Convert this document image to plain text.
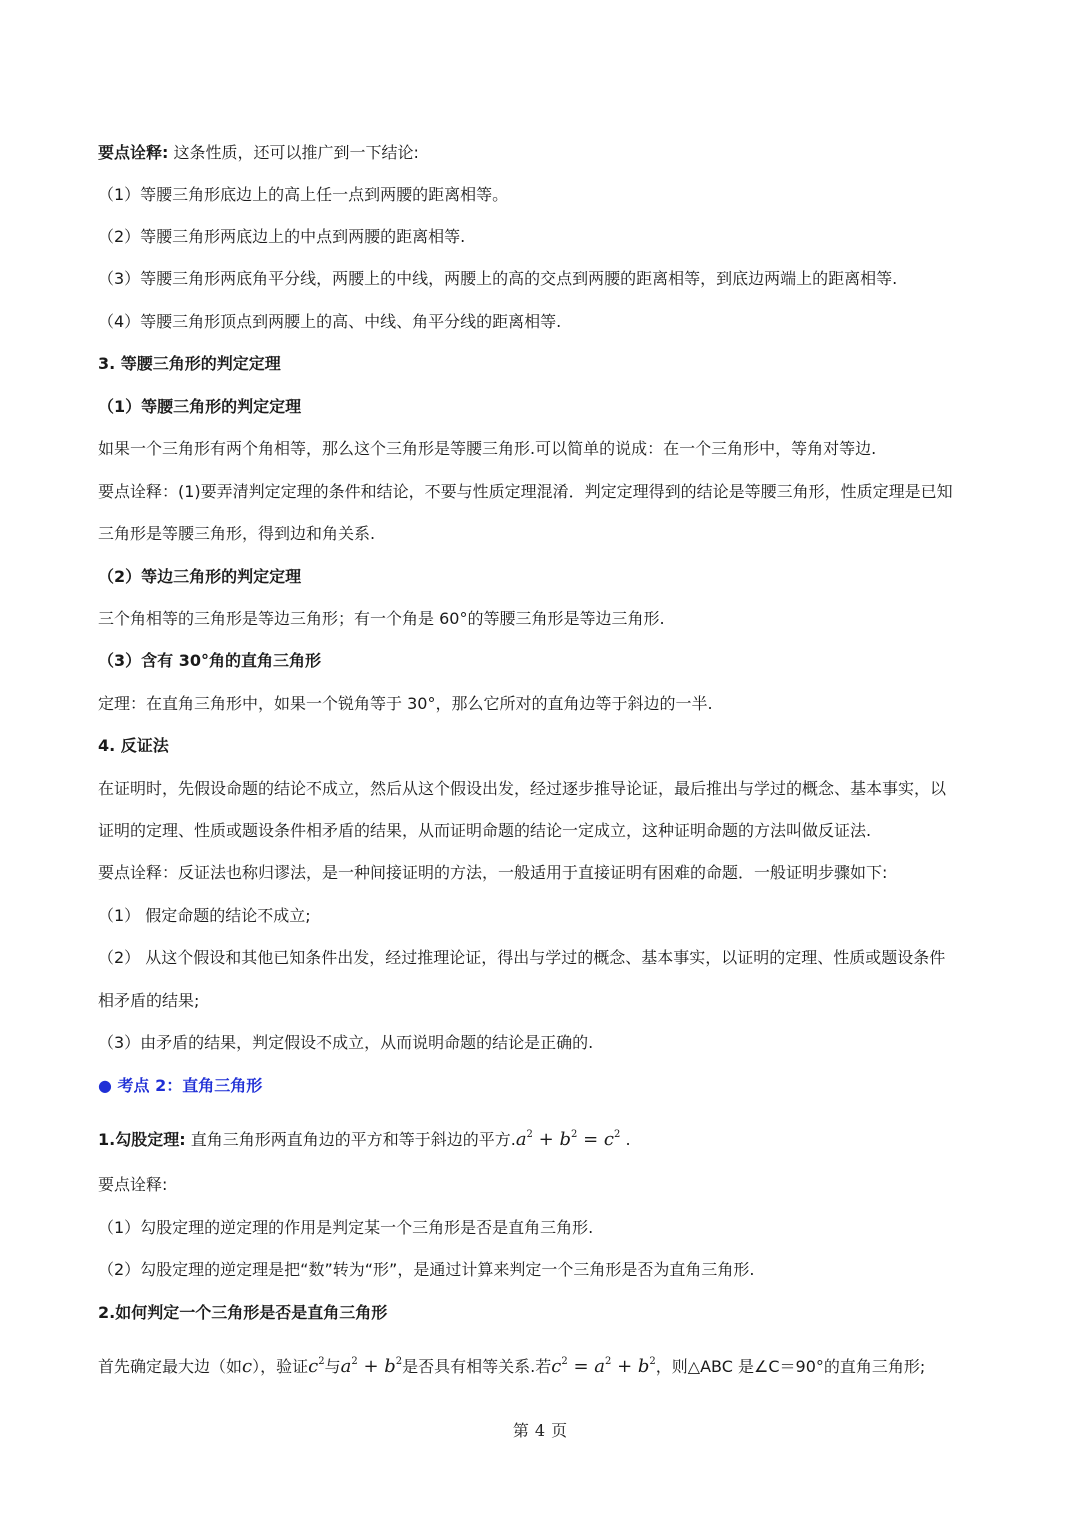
要点诠释: 这条性质，还可以推广到一下结论:
（1）等腰三角形底边上的高上任一点到两腰的距离相等。
（2）等腰三角形两底边上的中点到两腰的距离相等.
（3）等腰三角形两底角平分线，两腰上的中线，两腰上的高的交点到两腰的距离相等，到底边两端上的距离相等.
（4）等腰三角形顶点到两腰上的高、中线、角平分线的距离相等.
3. 等腰三角形的判定定理
（1）等腰三角形的判定定理
如果一个三角形有两个角相等，那么这个三角形是等腰三角形.可以简单的说成：在一个三角形中，等角对等边.
要点诠释：(1)要弄清判定定理的条件和结论，不要与性质定理混淆．判定定理得到的结论是等腰三角形，性质定理是已知
三角形是等腰三角形，得到边和角关系.
（2）等边三角形的判定定理
三个角相等的三角形是等边三角形；有一个角是 60°的等腰三角形是等边三角形.
（3）含有 30°角的直角三角形
定理：在直角三角形中，如果一个锐角等于 30°，那么它所对的直角边等于斜边的一半.
4. 反证法
在证明时，先假设命题的结论不成立，然后从这个假设出发，经过逐步推导论证，最后推出与学过的概念、基本事实，以
证明的定理、性质或题设条件相矛盾的结果，从而证明命题的结论一定成立，这种证明命题的方法叫做反证法.
要点诠释：反证法也称归谬法，是一种间接证明的方法，一般适用于直接证明有困难的命题．一般证明步骤如下:
（1） 假定命题的结论不成立;
（2） 从这个假设和其他已知条件出发，经过推理论证，得出与学过的概念、基本事实，以证明的定理、性质或题设条件
相矛盾的结果;
（3）由矛盾的结果，判定假设不成立，从而说明命题的结论是正确的.
● 考点 2：直角三角形
1.勾股定理: 直角三角形两直角边的平方和等于斜边的平方$.a^2 + b^2 = c^2$ .
要点诠释:
（1）勾股定理的逆定理的作用是判定某一个三角形是否是直角三角形.
（2）勾股定理的逆定理是把“数”转为“形”，是通过计算来判定一个三角形是否为直角三角形.
2.如何判定一个三角形是否是直角三角形
首先确定最大边（如c），验证$c^2$与$a^2 + b^2$是否具有相等关系.若$c^2 = a^2 + b^2$，则△ABC 是∠C＝90°的直角三角形;
第 4 页
